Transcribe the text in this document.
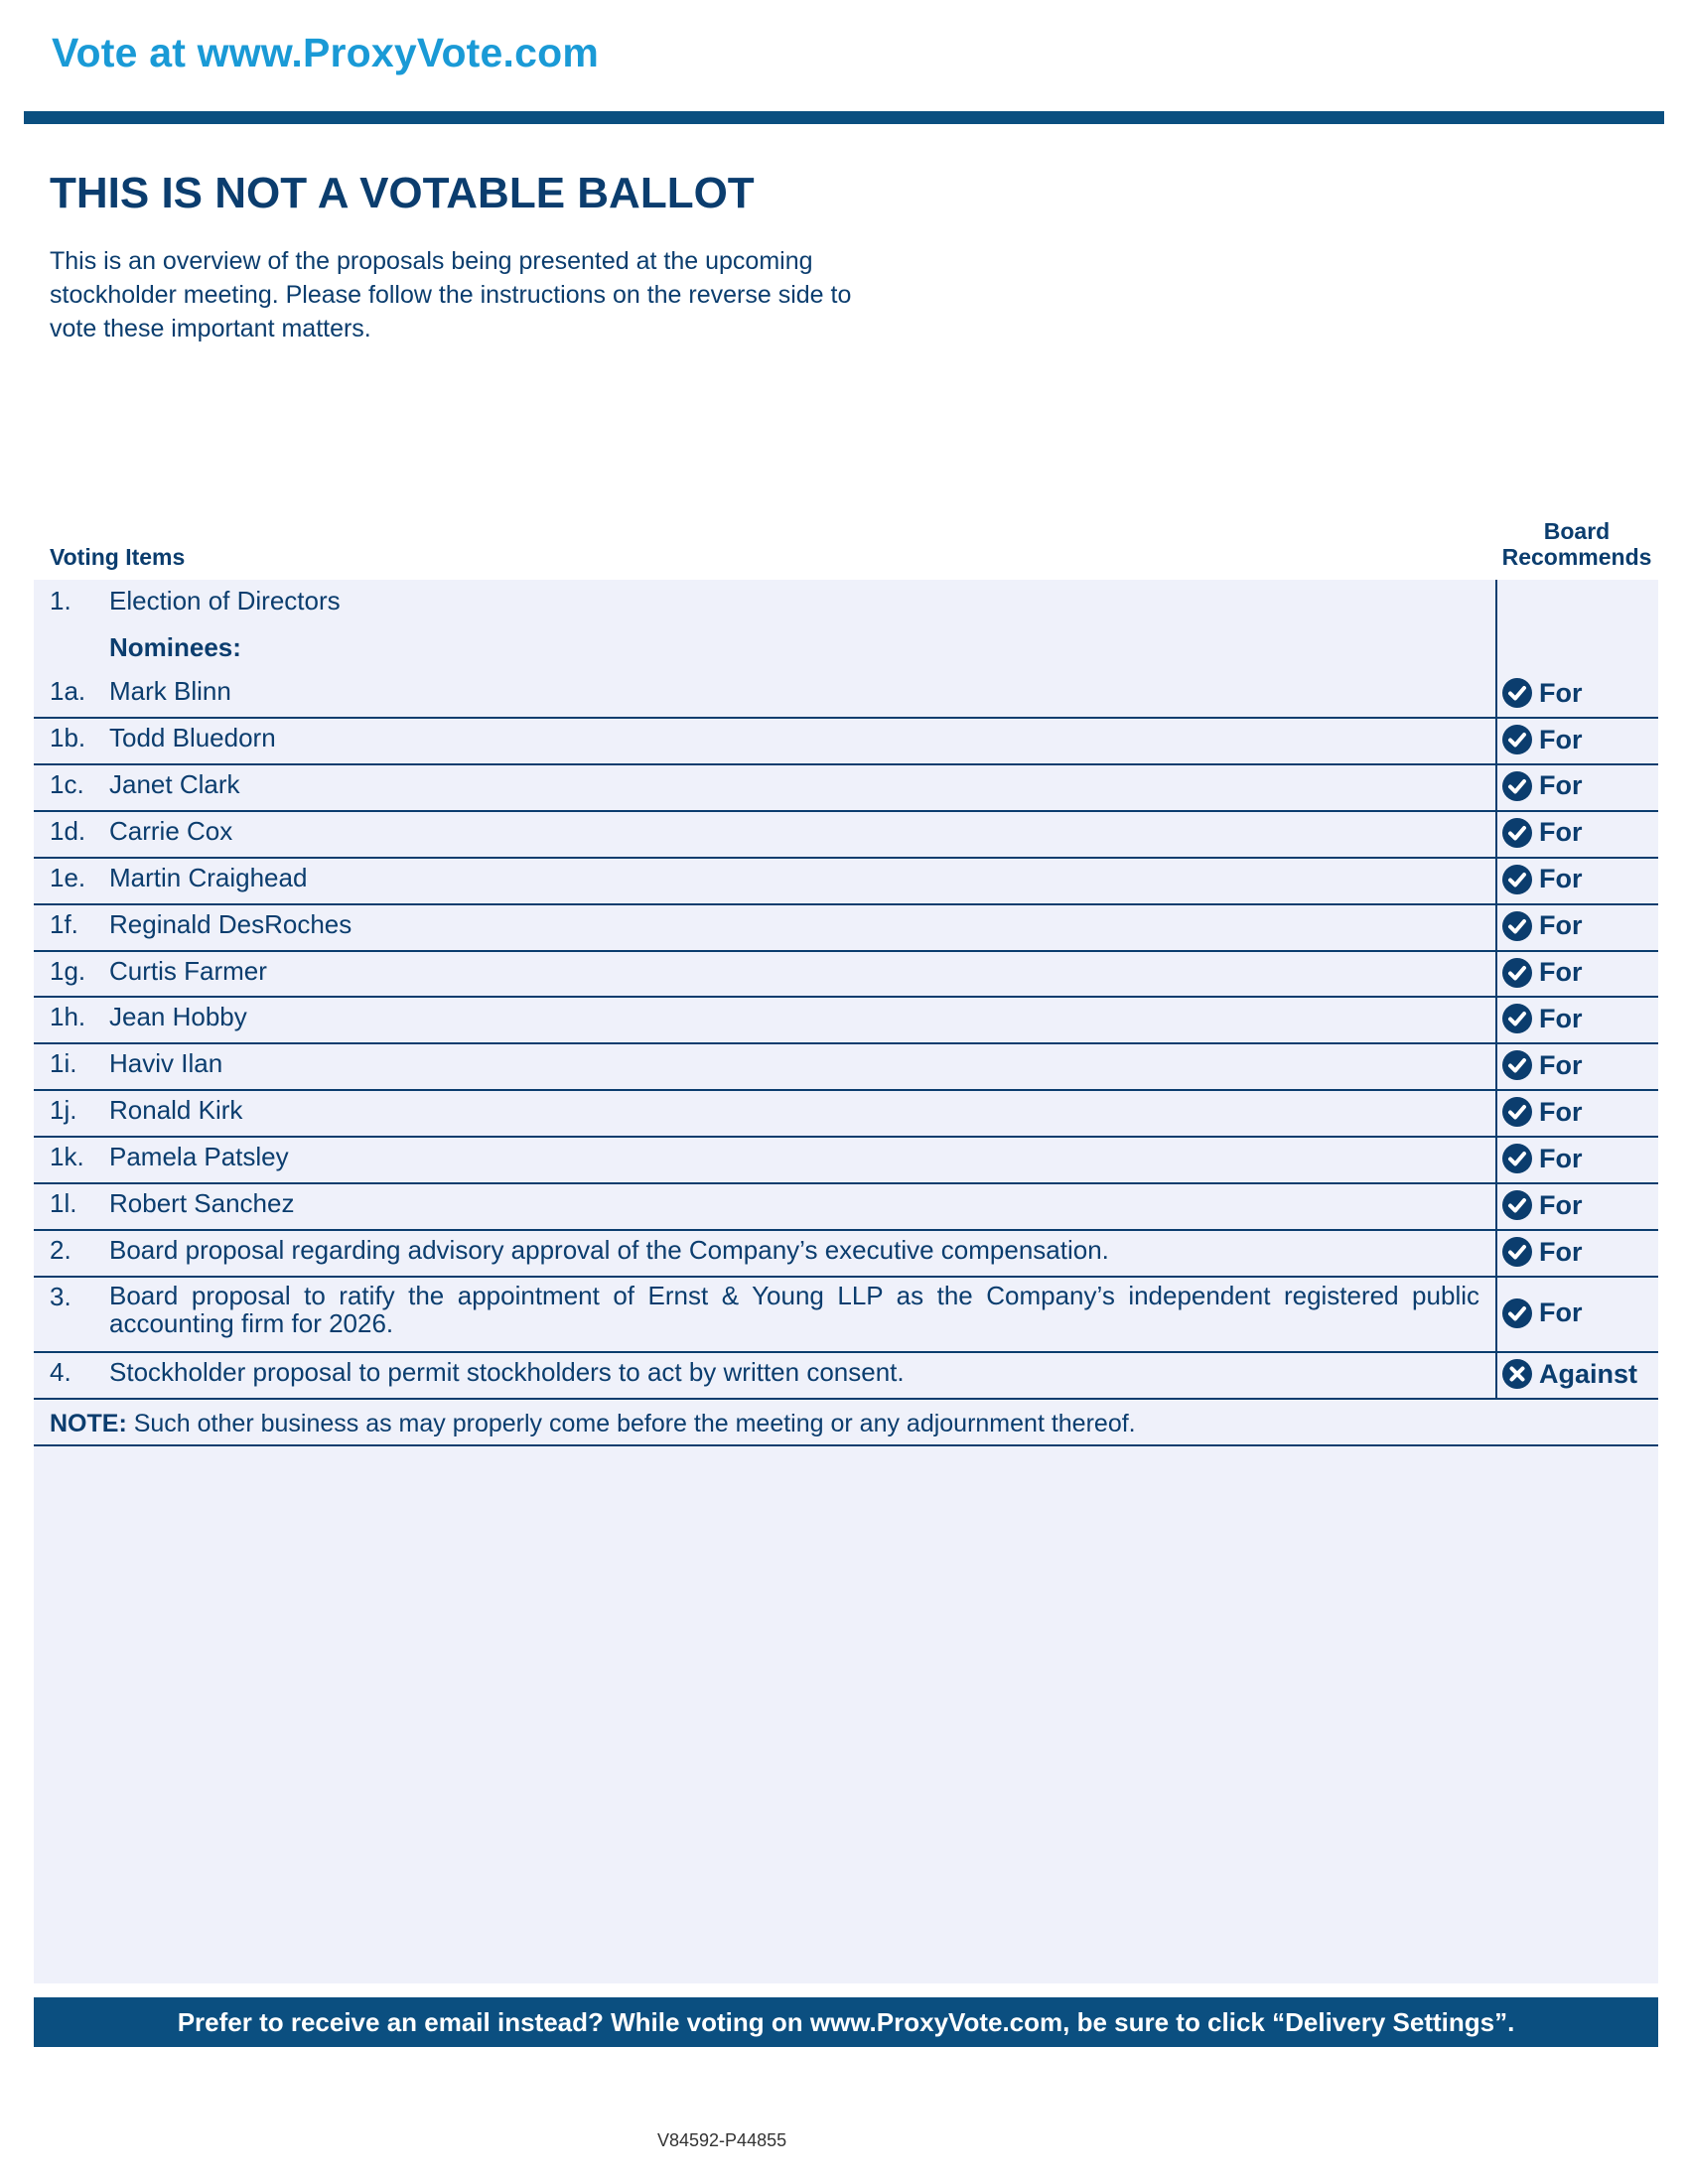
Vote at www.ProxyVote.com
THIS IS NOT A VOTABLE BALLOT
This is an overview of the proposals being presented at the upcoming stockholder meeting. Please follow the instructions on the reverse side to vote these important matters.
Voting Items
Board
Recommends
1. Election of Directors
Nominees:
1a. Mark Blinn	For
1b. Todd Bluedorn	For
1c. Janet Clark	For
1d. Carrie Cox	For
1e. Martin Craighead	For
1f. Reginald DesRoches	For
1g. Curtis Farmer	For
1h. Jean Hobby	For
1i. Haviv Ilan	For
1j. Ronald Kirk	For
1k. Pamela Patsley	For
1l. Robert Sanchez	For
2. Board proposal regarding advisory approval of the Company’s executive compensation.	For
3. Board proposal to ratify the appointment of Ernst & Young LLP as the Company’s independent registered public accounting firm for 2026.	For
4. Stockholder proposal to permit stockholders to act by written consent.	Against
NOTE: Such other business as may properly come before the meeting or any adjournment thereof.
Prefer to receive an email instead? While voting on www.ProxyVote.com, be sure to click “Delivery Settings”.
V84592-P44855
